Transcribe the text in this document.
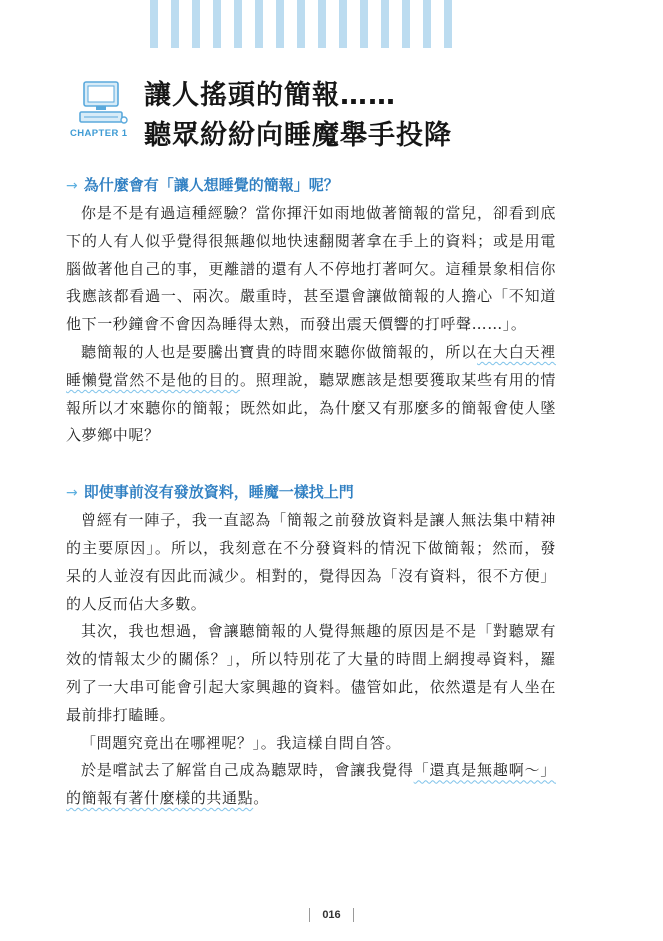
CHAPTER 1
讓人搖頭的簡報……
聽眾紛紛向睡魔舉手投降
→ 為什麼會有「讓人想睡覺的簡報」呢？

你是不是有過這種經驗？當你揮汗如雨地做著簡報的當兒，卻看到底下的人有人似乎覺得很無趣似地快速翻閱著拿在手上的資料；或是用電腦做著他自己的事，更離譜的還有人不停地打著呵欠。這種景象相信你我應該都看過一、兩次。嚴重時，甚至還會讓做簡報的人擔心「不知道他下一秒鐘會不會因為睡得太熟，而發出震天價響的打呼聲……」。

聽簡報的人也是要騰出寶貴的時間來聽你做簡報的，所以在大白天裡睡懶覺當然不是他的目的。照理說，聽眾應該是想要獲取某些有用的情報所以才來聽你的簡報；既然如此，為什麼又有那麼多的簡報會使人墜入夢鄉中呢？

→ 即使事前沒有發放資料，睡魔一樣找上門

曾經有一陣子，我一直認為「簡報之前發放資料是讓人無法集中精神的主要原因」。所以，我刻意在不分發資料的情況下做簡報；然而，發呆的人並沒有因此而減少。相對的，覺得因為「沒有資料，很不方便」的人反而佔大多數。

其次，我也想過，會讓聽簡報的人覺得無趣的原因是不是「對聽眾有效的情報太少的關係？」，所以特別花了大量的時間上網搜尋資料，羅列了一大串可能會引起大家興趣的資料。儘管如此，依然還是有人坐在最前排打瞌睡。

「問題究竟出在哪裡呢？」。我這樣自問自答。

於是嚐試去了解當自己成為聽眾時，會讓我覺得「還真是無趣啊～」的簡報有著什麼樣的共通點。

016
